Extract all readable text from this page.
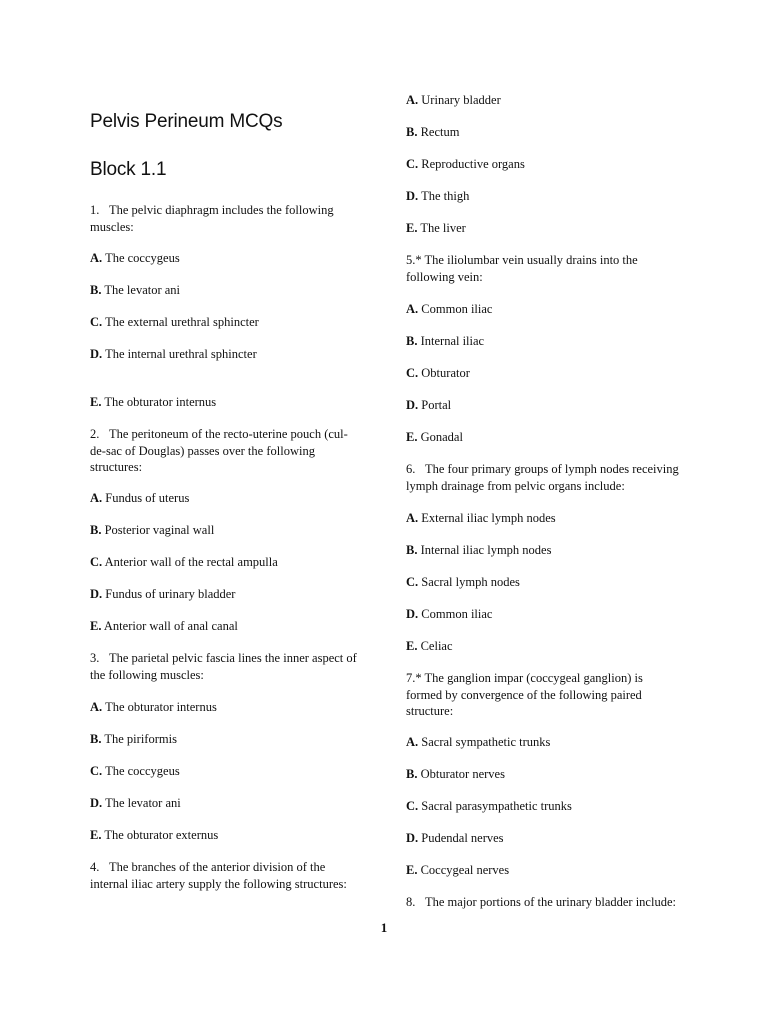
Pelvis Perineum MCQs
Block 1.1
1. The pelvic diaphragm includes the following muscles:
A. The coccygeus
B. The levator ani
C. The external urethral sphincter
D. The internal urethral sphincter
E. The obturator internus
2. The peritoneum of the recto-uterine pouch (cul-de-sac of Douglas) passes over the following structures:
A. Fundus of uterus
B. Posterior vaginal wall
C. Anterior wall of the rectal ampulla
D. Fundus of urinary bladder
E. Anterior wall of anal canal
3. The parietal pelvic fascia lines the inner aspect of the following muscles:
A. The obturator internus
B. The piriformis
C. The coccygeus
D. The levator ani
E. The obturator externus
4. The branches of the anterior division of the internal iliac artery supply the following structures:
A. Urinary bladder
B. Rectum
C. Reproductive organs
D. The thigh
E. The liver
5.* The iliolumbar vein usually drains into the following vein:
A. Common iliac
B. Internal iliac
C. Obturator
D. Portal
E. Gonadal
6. The four primary groups of lymph nodes receiving lymph drainage from pelvic organs include:
A. External iliac lymph nodes
B. Internal iliac lymph nodes
C. Sacral lymph nodes
D. Common iliac
E. Celiac
7.* The ganglion impar (coccygeal ganglion) is formed by convergence of the following paired structure:
A. Sacral sympathetic trunks
B. Obturator nerves
C. Sacral parasympathetic trunks
D. Pudendal nerves
E. Coccygeal nerves
8. The major portions of the urinary bladder include:
1
